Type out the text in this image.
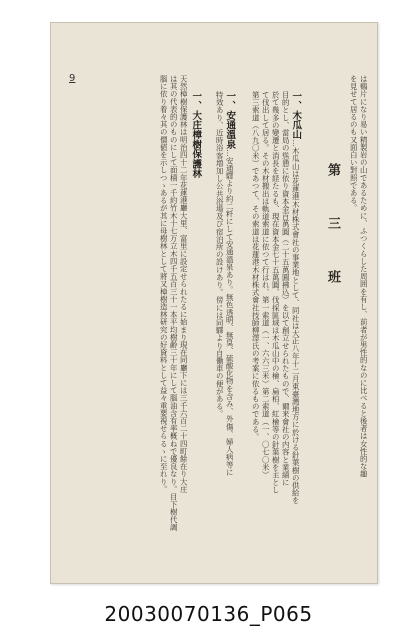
9	は鷄片になり易い精製岩の山であるために、ふつくらした周囲を有し、前者が男性的なのに比べると後者は女性的な趣
を見せて居るのも又面白い對照である。
第 三 班
一、木瓜山…木瓜山は花蓮港木材株式會社の事業地として、同社は大正八年十二月東臺灣地方に於ける針葉樹の供給を
目的とし、當局の慫慂に依り資本金百萬圓（二十五萬圓拂込）を以て創立せられたもので、爾来會社の内容と業績に
於て幾多の變遷と消長を経たるも、現在資本金七十五萬圓、伐採區域は木瓜山中の檜、扁柏、紅檜等の針葉樹を主とし
て伐出して居る。その木材搬出は軌道索道に依つて行はれ、第一索道（一、六六三米）第二索道（一、〇七〇米）
第三索道（八九〇米）であつて、その索道は花蓮港木材株式會社技師柳澤氏の考案に依るものである。
一、安通溫泉…安通驛より約二粁にして安通溫泉あり。無色透明、無臭、硫酸化物を含み、外傷、婦人病等に
特效あり、近時浴客増加し公共浴場及び宿泊所の設けあり。傍には同驛より自働車の便がある。
一、大庄樟樹保護林
天然樟樹保護林は明治四十二年花蓮港廳大里、富里に設定せられたるに始まり現在同廳下には三千六百二十四町餘在り大庄
は其の代表的のものにして面積一千約竹木十七万立木四千五百三十一本平均樹齢三十年にして腦油含有率概ねで優良なり。目下樹代調
腦に依り着々其の價値を示しつゝあるが其に母樹林として將又樟樹造林研究の好資料として益々重要視せらるゝに至れり。
20030070136_P065
